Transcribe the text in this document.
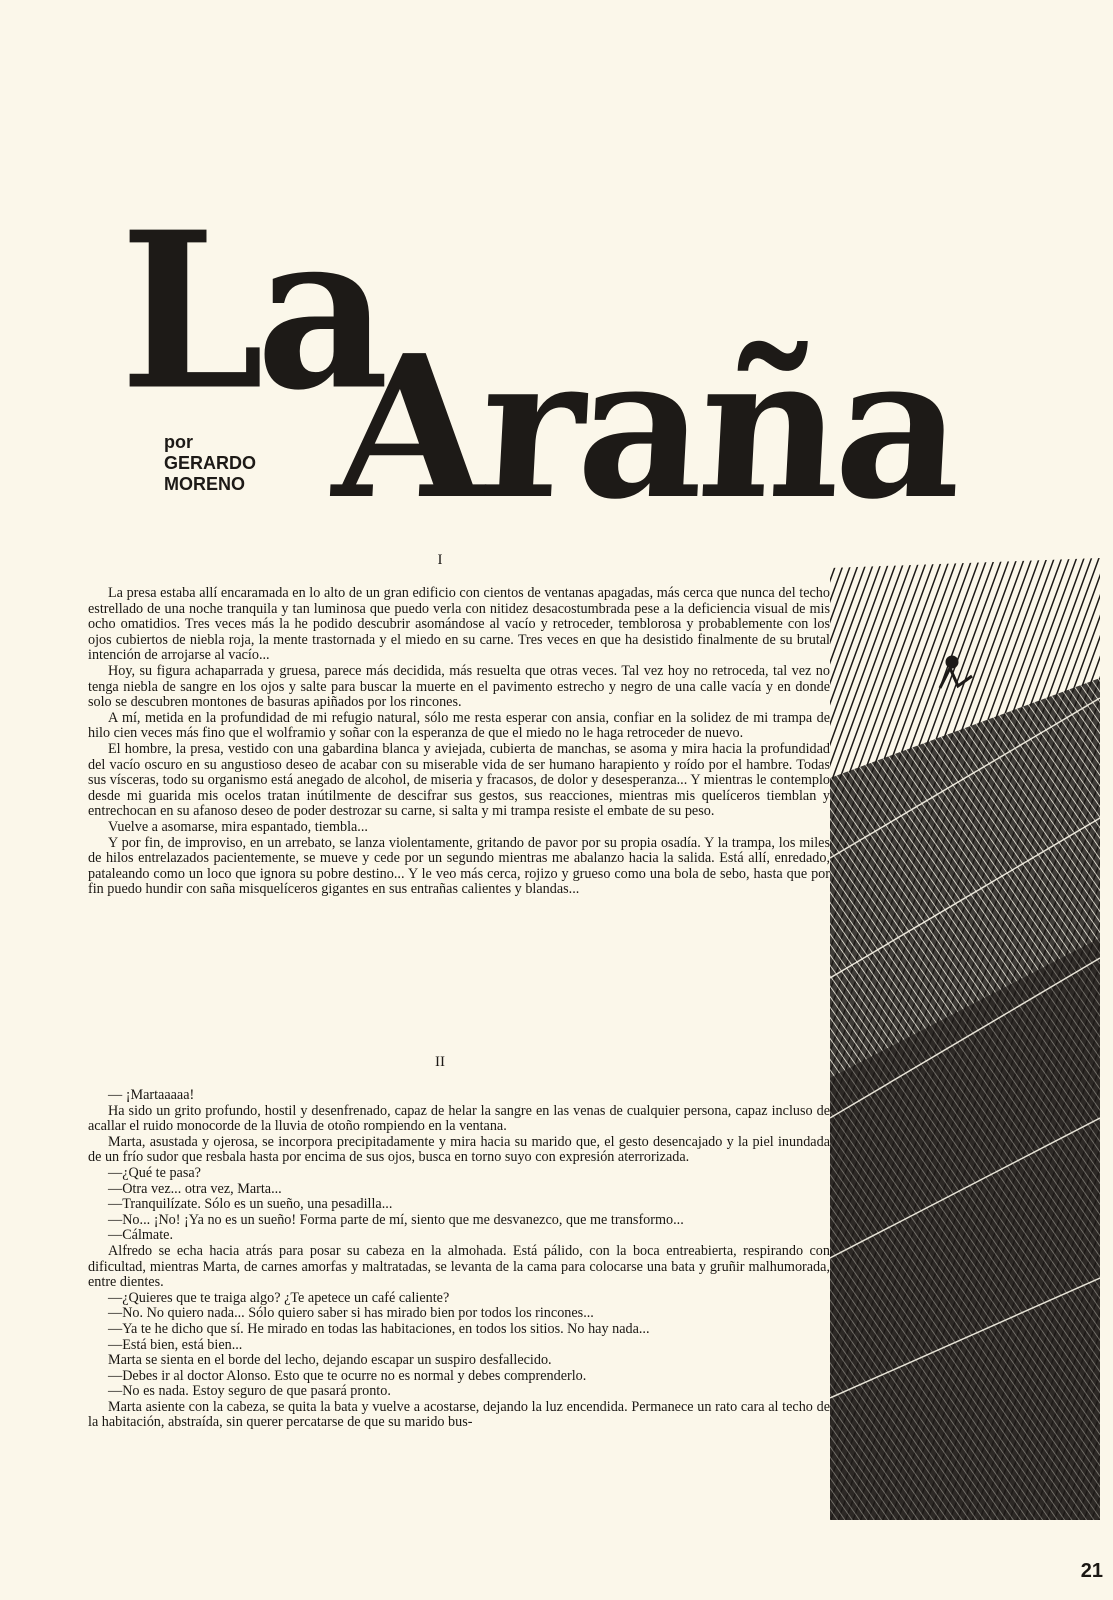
La
Araña
por
GERARDO
MORENO
I
II

La presa estaba allí encaramada en lo alto de un gran edificio con cientos de ventanas apagadas, más cerca que nunca del techo estrellado de una noche tranquila y tan luminosa que puedo verla con nitidez desacostumbrada pese a la deficiencia visual de mis ocho omatidios. Tres veces más la he podido descubrir asomándose al vacío y retroceder, temblorosa y probablemente con los ojos cubiertos de niebla roja, la mente trastornada y el miedo en su carne. Tres veces en que ha desistido finalmente de su brutal intención de arrojarse al vacío...

Hoy, su figura achaparrada y gruesa, parece más decidida, más resuelta que otras veces. Tal vez hoy no retroceda, tal vez no tenga niebla de sangre en los ojos y salte para buscar la muerte en el pavimento estrecho y negro de una calle vacía y en donde solo se descubren montones de basuras apiñados por los rincones.

A mí, metida en la profundidad de mi refugio natural, sólo me resta esperar con ansia, confiar en la solidez de mi trampa de hilo cien veces más fino que el wolframio y soñar con la esperanza de que el miedo no le haga retroceder de nuevo.

El hombre, la presa, vestido con una gabardina blanca y aviejada, cubierta de manchas, se asoma y mira hacia la profundidad del vacío oscuro en su angustioso deseo de acabar con su miserable vida de ser humano harapiento y roído por el hambre. Todas sus vísceras, todo su organismo está anegado de alcohol, de miseria y fracasos, de dolor y desesperanza... Y mientras le contemplo desde mi guarida mis ocelos tratan inútilmente de descifrar sus gestos, sus reacciones, mientras mis quelíceros tiemblan y entrechocan en su afanoso deseo de poder destrozar su carne, si salta y mi trampa resiste el embate de su peso.

Vuelve a asomarse, mira espantado, tiembla...

Y por fin, de improviso, en un arrebato, se lanza violentamente, gritando de pavor por su propia osadía. Y la trampa, los miles de hilos entrelazados pacientemente, se mueve y cede por un segundo mientras me abalanzo hacia la salida. Está allí, enredado, pataleando como un loco que ignora su pobre destino... Y le veo más cerca, rojizo y grueso como una bola de sebo, hasta que por fin puedo hundir con saña misquelíceros gigantes en sus entrañas calientes y blandas...

— ¡Martaaaaa!

Ha sido un grito profundo, hostil y desenfrenado, capaz de helar la sangre en las venas de cualquier persona, capaz incluso de acallar el ruido monocorde de la lluvia de otoño rompiendo en la ventana.

Marta, asustada y ojerosa, se incorpora precipitadamente y mira hacia su marido que, el gesto desencajado y la piel inundada de un frío sudor que resbala hasta por encima de sus ojos, busca en torno suyo con expresión aterrorizada.

—¿Qué te pasa?

—Otra vez... otra vez, Marta...

—Tranquilízate. Sólo es un sueño, una pesadilla...

—No... ¡No! ¡Ya no es un sueño! Forma parte de mí, siento que me desvanezco, que me transformo...

—Cálmate.

Alfredo se echa hacia atrás para posar su cabeza en la almohada. Está pálido, con la boca entreabierta, respirando con dificultad, mientras Marta, de carnes amorfas y maltratadas, se levanta de la cama para colocarse una bata y gruñir malhumorada, entre dientes.

—¿Quieres que te traiga algo? ¿Te apetece un café caliente?

—No. No quiero nada... Sólo quiero saber si has mirado bien por todos los rincones...

—Ya te he dicho que sí. He mirado en todas las habitaciones, en todos los sitios. No hay nada...

—Está bien, está bien...

Marta se sienta en el borde del lecho, dejando escapar un suspiro desfallecido.

—Debes ir al doctor Alonso. Esto que te ocurre no es normal y debes comprenderlo.

—No es nada. Estoy seguro de que pasará pronto.

Marta asiente con la cabeza, se quita la bata y vuelve a acostarse, dejando la luz encendida. Permanece un rato cara al techo de la habitación, abstraída, sin querer percatarse de que su marido bus-

21
